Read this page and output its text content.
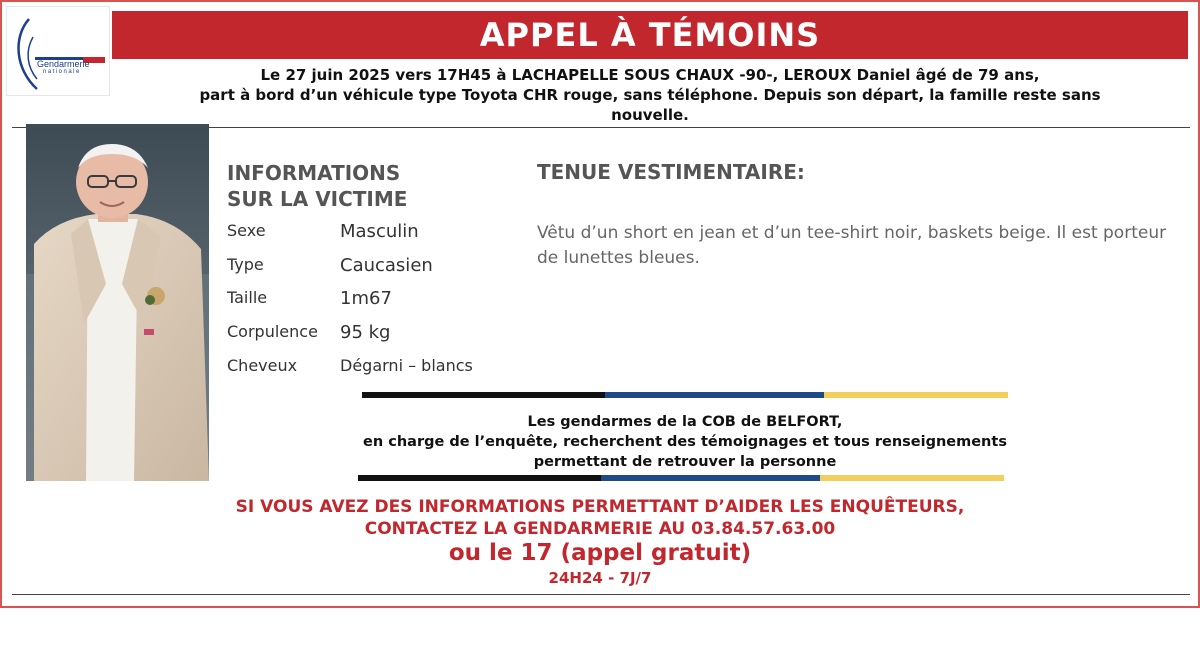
Gendarmerie
nationale
APPEL À TÉMOINS
Le 27 juin 2025 vers 17H45 à LACHAPELLE SOUS CHAUX -90-, LEROUX Daniel âgé de 79 ans,
part à bord d’un véhicule type Toyota CHR rouge, sans téléphone. Depuis son départ, la famille reste sans
nouvelle.
INFORMATIONS
SUR LA VICTIME
Sexe	Masculin
Type	Caucasien
Taille	1m67
Corpulence 95 kg
Cheveux	Dégarni – blancs
TENUE VESTIMENTAIRE:
Vêtu d’un short en jean et d’un tee-shirt noir, baskets beige. Il est porteur de lunettes bleues.
Les gendarmes de la COB de BELFORT,
en charge de l’enquête, recherchent des témoignages et tous renseignements
permettant de retrouver la personne
SI VOUS AVEZ DES INFORMATIONS PERMETTANT D’AIDER LES ENQUÊTEURS,
CONTACTEZ LA GENDARMERIE AU 03.84.57.63.00
ou le 17 (appel gratuit)
24H24 - 7J/7
